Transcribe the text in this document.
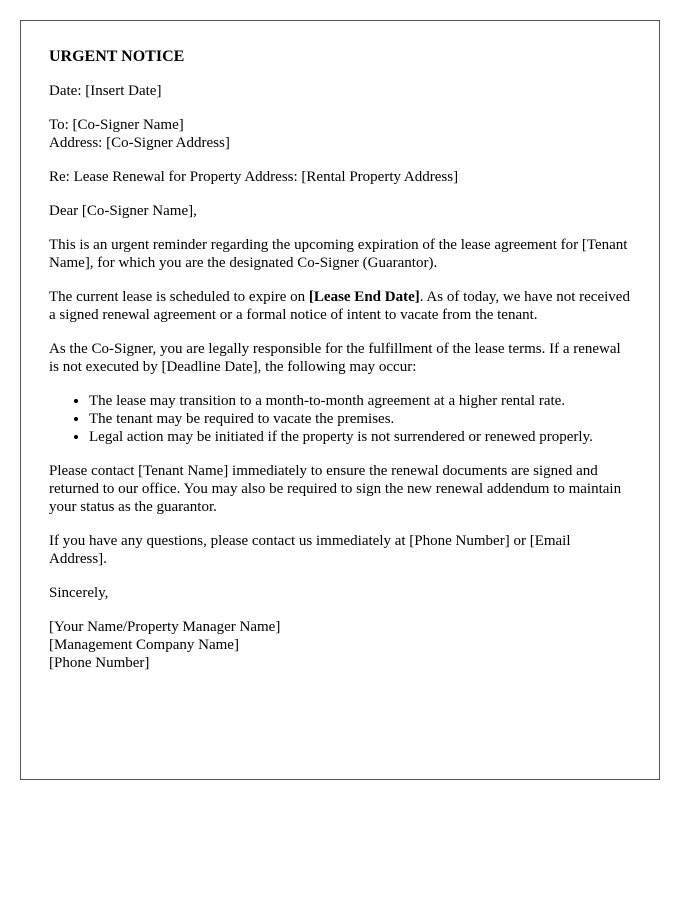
URGENT NOTICE

Date: [Insert Date]

To: [Co-Signer Name]
Address: [Co-Signer Address]

Re: Lease Renewal for Property Address: [Rental Property Address]

Dear [Co-Signer Name],

This is an urgent reminder regarding the upcoming expiration of the lease agreement for [Tenant Name], for which you are the designated Co-Signer (Guarantor).

The current lease is scheduled to expire on [Lease End Date]. As of today, we have not received a signed renewal agreement or a formal notice of intent to vacate from the tenant.

As the Co-Signer, you are legally responsible for the fulfillment of the lease terms. If a renewal is not executed by [Deadline Date], the following may occur:

• The lease may transition to a month-to-month agreement at a higher rental rate.
• The tenant may be required to vacate the premises.
• Legal action may be initiated if the property is not surrendered or renewed properly.

Please contact [Tenant Name] immediately to ensure the renewal documents are signed and returned to our office. You may also be required to sign the new renewal addendum to maintain your status as the guarantor.

If you have any questions, please contact us immediately at [Phone Number] or [Email Address].

Sincerely,

[Your Name/Property Manager Name]
[Management Company Name]
[Phone Number]
